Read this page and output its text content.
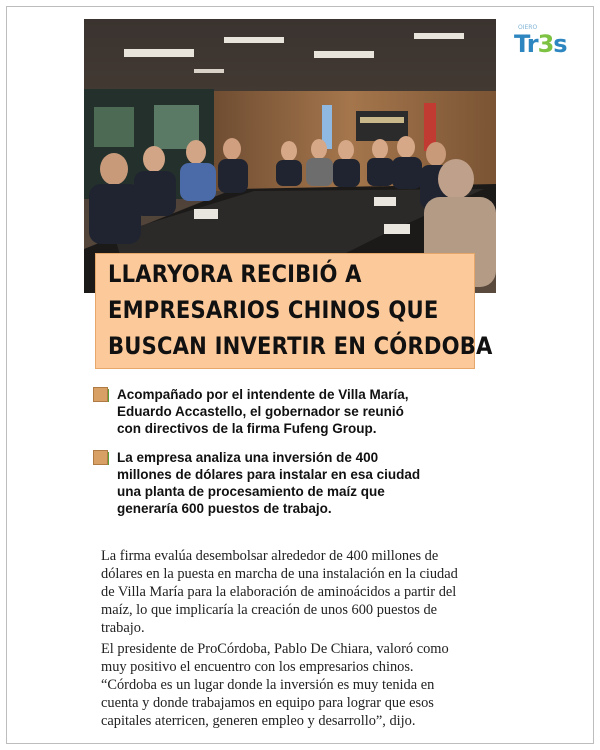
OIERO
Tr3s
LLARYORA RECIBIÓ A
EMPRESARIOS CHINOS QUE
BUSCAN INVERTIR EN CÓRDOBA
Acompañado por el intendente de Villa María,
Eduardo Accastello, el gobernador se reunió
con directivos de la firma Fufeng Group.
La empresa analiza una inversión de 400
millones de dólares para instalar en esa ciudad
una planta de procesamiento de maíz que
generaría 600 puestos de trabajo.
La firma evalúa desembolsar alrededor de 400 millones de
dólares en la puesta en marcha de una instalación en la ciudad
de Villa María para la elaboración de aminoácidos a partir del
maíz, lo que implicaría la creación de unos 600 puestos de
trabajo.
El presidente de ProCórdoba, Pablo De Chiara, valoró como
muy positivo el encuentro con los empresarios chinos.
“Córdoba es un lugar donde la inversión es muy tenida en
cuenta y donde trabajamos en equipo para lograr que esos
capitales aterricen, generen empleo y desarrollo”, dijo.
